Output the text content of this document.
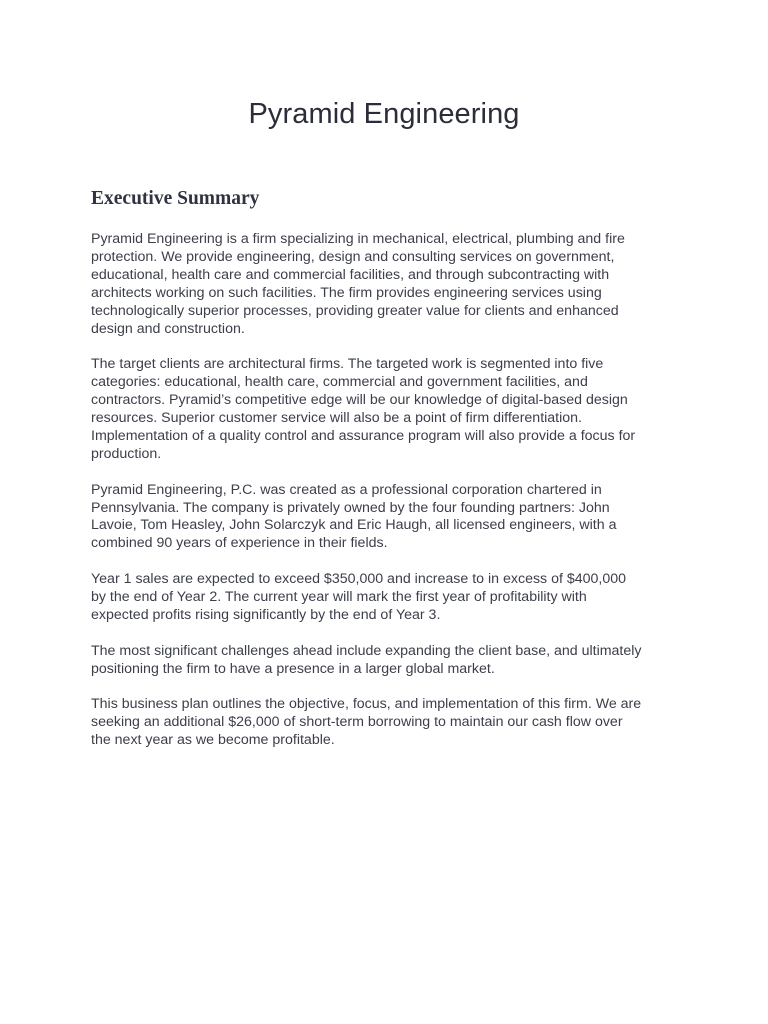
Pyramid Engineering
Executive Summary

Pyramid Engineering is a firm specializing in mechanical, electrical, plumbing and fire
protection. We provide engineering, design and consulting services on government,
educational, health care and commercial facilities, and through subcontracting with
architects working on such facilities. The firm provides engineering services using
technologically superior processes, providing greater value for clients and enhanced
design and construction.

The target clients are architectural firms. The targeted work is segmented into five
categories: educational, health care, commercial and government facilities, and
contractors. Pyramid’s competitive edge will be our knowledge of digital-based design
resources. Superior customer service will also be a point of firm differentiation.
Implementation of a quality control and assurance program will also provide a focus for
production.

Pyramid Engineering, P.C. was created as a professional corporation chartered in
Pennsylvania. The company is privately owned by the four founding partners: John
Lavoie, Tom Heasley, John Solarczyk and Eric Haugh, all licensed engineers, with a
combined 90 years of experience in their fields.

Year 1 sales are expected to exceed $350,000 and increase to in excess of $400,000
by the end of Year 2. The current year will mark the first year of profitability with
expected profits rising significantly by the end of Year 3.

The most significant challenges ahead include expanding the client base, and ultimately
positioning the firm to have a presence in a larger global market.

This business plan outlines the objective, focus, and implementation of this firm. We are
seeking an additional $26,000 of short-term borrowing to maintain our cash flow over
the next year as we become profitable.
